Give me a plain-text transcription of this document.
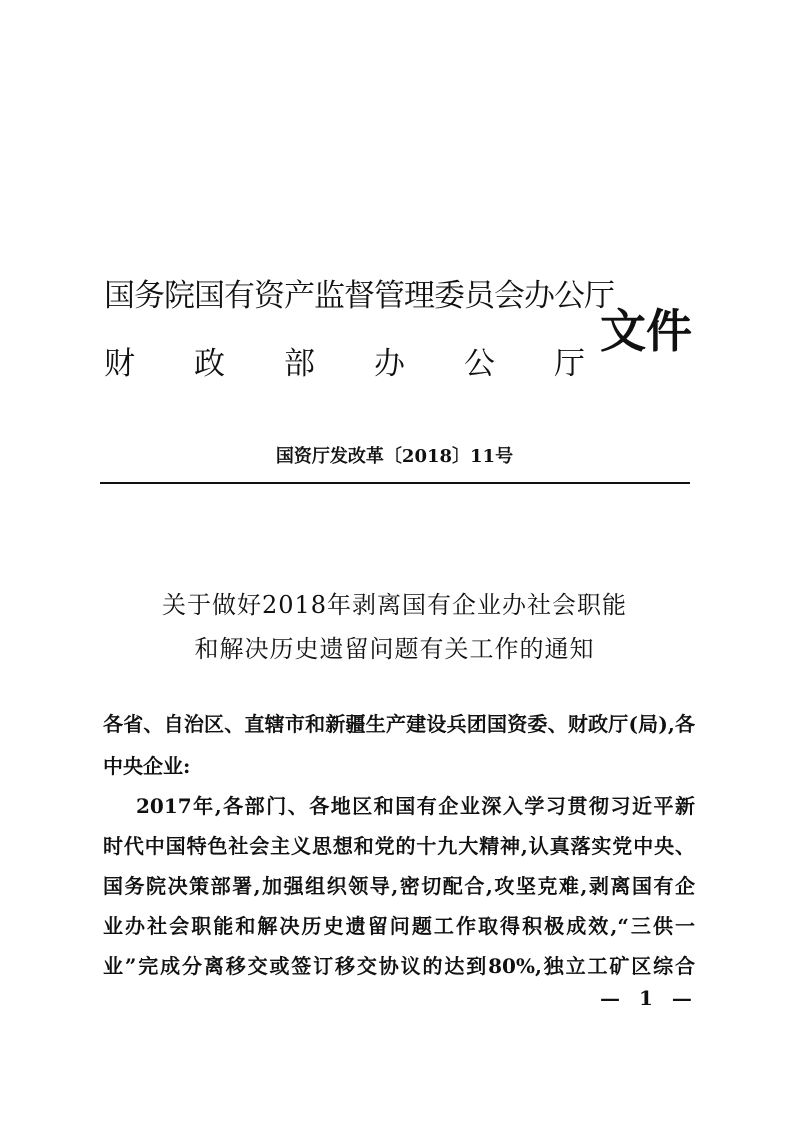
国务院国有资产监督管理委员会办公厅
财政部办公厅
文件
国资厅发改革〔2018〕11号
关于做好2018年剥离国有企业办社会职能
和解决历史遗留问题有关工作的通知
各省、自治区、直辖市和新疆生产建设兵团国资委、财政厅(局),各
中央企业:
2017年,各部门、各地区和国有企业深入学习贯彻习近平新
时代中国特色社会主义思想和党的十九大精神,认真落实党中央、
国务院决策部署,加强组织领导,密切配合,攻坚克难,剥离国有企
业办社会职能和解决历史遗留问题工作取得积极成效,“三供一
业”完成分离移交或签订移交协议的达到80%,独立工矿区综合
— 1 —
